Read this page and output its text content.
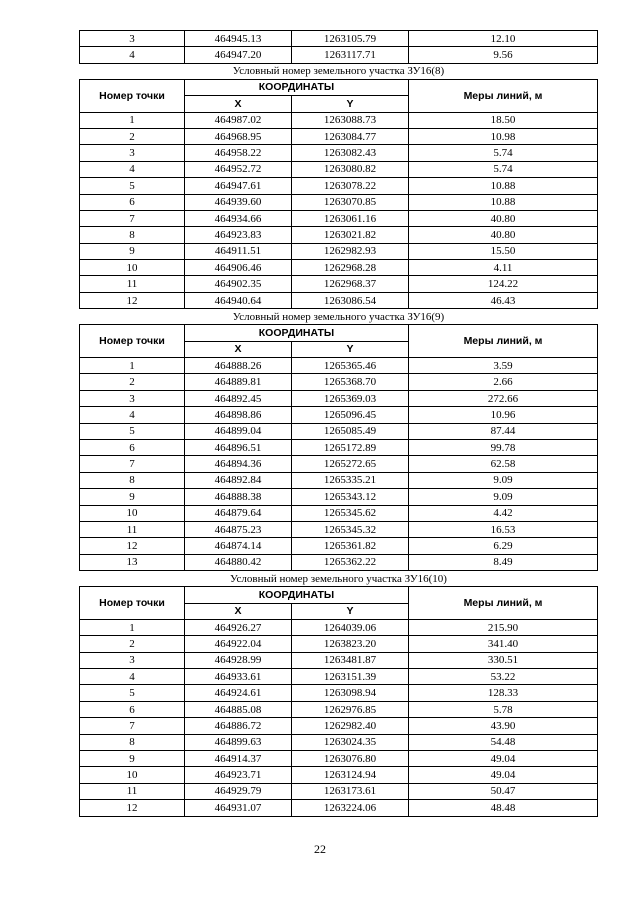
3	464945.13	1263105.79	12.10
4	464947.20	1263117.71	9.56
Условный номер земельного участка ЗУ16(8)			
Номер точки	КООРДИНАТЫ		Меры линий, м
	X	Y	
1	464987.02	1263088.73	18.50
2	464968.95	1263084.77	10.98
3	464958.22	1263082.43	5.74
4	464952.72	1263080.82	5.74
5	464947.61	1263078.22	10.88
6	464939.60	1263070.85	10.88
7	464934.66	1263061.16	40.80
8	464923.83	1263021.82	40.80
9	464911.51	1262982.93	15.50
10	464906.46	1262968.28	4.11
11	464902.35	1262968.37	124.22
12	464940.64	1263086.54	46.43
Условный номер земельного участка ЗУ16(9)			
Номер точки	КООРДИНАТЫ		Меры линий, м
	X	Y	
1	464888.26	1265365.46	3.59
2	464889.81	1265368.70	2.66
3	464892.45	1265369.03	272.66
4	464898.86	1265096.45	10.96
5	464899.04	1265085.49	87.44
6	464896.51	1265172.89	99.78
7	464894.36	1265272.65	62.58
8	464892.84	1265335.21	9.09
9	464888.38	1265343.12	9.09
10	464879.64	1265345.62	4.42
11	464875.23	1265345.32	16.53
12	464874.14	1265361.82	6.29
13	464880.42	1265362.22	8.49
Условный номер земельного участка ЗУ16(10)			
Номер точки	КООРДИНАТЫ		Меры линий, м
	X	Y	
1	464926.27	1264039.06	215.90
2	464922.04	1263823.20	341.40
3	464928.99	1263481.87	330.51
4	464933.61	1263151.39	53.22
5	464924.61	1263098.94	128.33
6	464885.08	1262976.85	5.78
7	464886.72	1262982.40	43.90
8	464899.63	1263024.35	54.48
9	464914.37	1263076.80	49.04
10	464923.71	1263124.94	49.04
11	464929.79	1263173.61	50.47
12	464931.07	1263224.06	48.48
22
